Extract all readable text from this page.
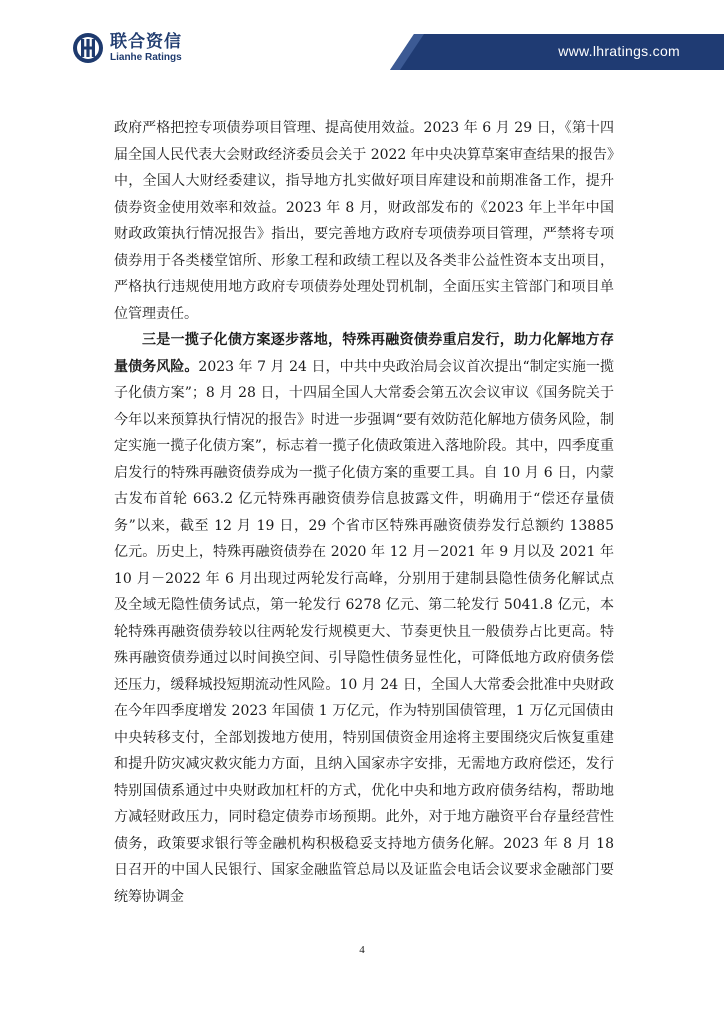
联合资信
Lianhe Ratings	www.lhratings.com

政府严格把控专项债券项目管理、提高使用效益。2023 年 6 月 29 日，《第十四届全国人民代表大会财政经济委员会关于 2022 年中央决算草案审查结果的报告》中，全国人大财经委建议，指导地方扎实做好项目库建设和前期准备工作，提升债券资金使用效率和效益。2023 年 8 月，财政部发布的《2023 年上半年中国财政政策执行情况报告》指出，要完善地方政府专项债券项目管理，严禁将专项债券用于各类楼堂馆所、形象工程和政绩工程以及各类非公益性资本支出项目，严格执行违规使用地方政府专项债券处理处罚机制，全面压实主管部门和项目单位管理责任。

三是一揽子化债方案逐步落地，特殊再融资债券重启发行，助力化解地方存量债务风险。2023 年 7 月 24 日，中共中央政治局会议首次提出“制定实施一揽子化债方案”；8 月 28 日，十四届全国人大常委会第五次会议审议《国务院关于今年以来预算执行情况的报告》时进一步强调“要有效防范化解地方债务风险，制定实施一揽子化债方案”，标志着一揽子化债政策进入落地阶段。其中，四季度重启发行的特殊再融资债券成为一揽子化债方案的重要工具。自 10 月 6 日，内蒙古发布首轮 663.2 亿元特殊再融资债券信息披露文件，明确用于“偿还存量债务”以来，截至 12 月 19 日，29 个省市区特殊再融资债券发行总额约 13885 亿元。历史上，特殊再融资债券在 2020 年 12 月－2021 年 9 月以及 2021 年 10 月－2022 年 6 月出现过两轮发行高峰，分别用于建制县隐性债务化解试点及全域无隐性债务试点，第一轮发行 6278 亿元、第二轮发行 5041.8 亿元，本轮特殊再融资债券较以往两轮发行规模更大、节奏更快且一般债券占比更高。特殊再融资债券通过以时间换空间、引导隐性债务显性化，可降低地方政府债务偿还压力，缓释城投短期流动性风险。10 月 24 日，全国人大常委会批准中央财政在今年四季度增发 2023 年国债 1 万亿元，作为特别国债管理，1 万亿元国债由中央转移支付，全部划拨地方使用，特别国债资金用途将主要围绕灾后恢复重建和提升防灾减灾救灾能力方面，且纳入国家赤字安排，无需地方政府偿还，发行特别国债系通过中央财政加杠杆的方式，优化中央和地方政府债务结构，帮助地方减轻财政压力，同时稳定债券市场预期。此外，对于地方融资平台存量经营性债务，政策要求银行等金融机构积极稳妥支持地方债务化解。2023 年 8 月 18 日召开的中国人民银行、国家金融监管总局以及证监会电话会议要求金融部门要统筹协调金

4
